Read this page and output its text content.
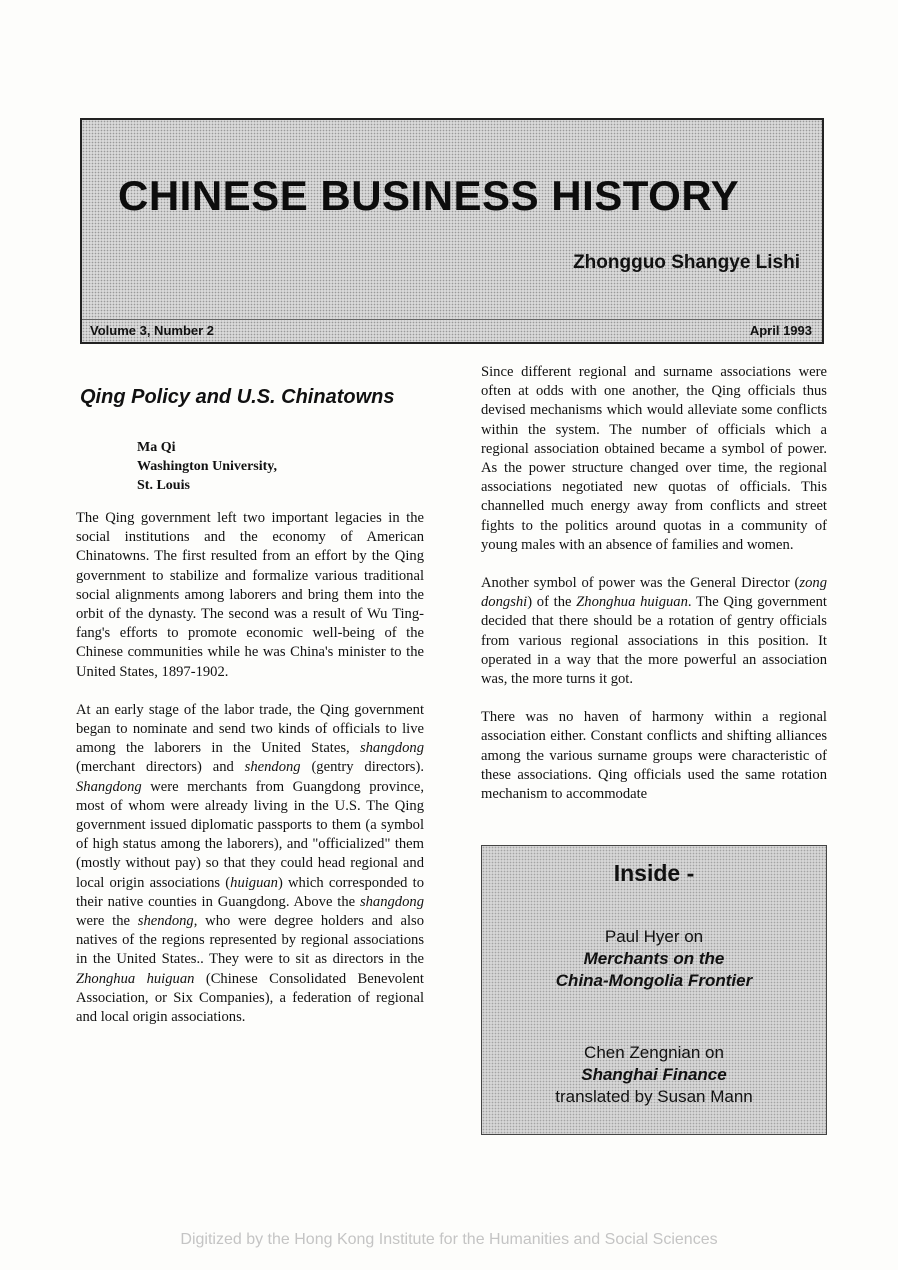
CHINESE BUSINESS HISTORY
Zhongguo Shangye Lishi
Volume 3, Number 2	April 1993
Qing Policy and U.S. Chinatowns
Ma Qi
Washington University,
St. Louis

The Qing government left two important legacies in the social institutions and the economy of American Chinatowns. The first resulted from an effort by the Qing government to stabilize and formalize various traditional social alignments among laborers and bring them into the orbit of the dynasty. The second was a result of Wu Ting-fang's efforts to promote economic well-being of the Chinese communities while he was China's minister to the United States, 1897-1902.

At an early stage of the labor trade, the Qing government began to nominate and send two kinds of officials to live among the laborers in the United States, shangdong (merchant directors) and shendong (gentry directors). Shangdong were merchants from Guangdong province, most of whom were already living in the U.S. The Qing government issued diplomatic passports to them (a symbol of high status among the laborers), and "officialized" them (mostly without pay) so that they could head regional and local origin associations (huiguan) which corresponded to their native counties in Guangdong. Above the shangdong were the shendong, who were degree holders and also natives of the regions represented by regional associations in the United States.. They were to sit as directors in the Zhonghua huiguan (Chinese Consolidated Benevolent Association, or Six Companies), a federation of regional and local origin associations.

Since different regional and surname associations were often at odds with one another, the Qing officials thus devised mechanisms which would alleviate some conflicts within the system. The number of officials which a regional association obtained became a symbol of power. As the power structure changed over time, the regional associations negotiated new quotas of officials. This channelled much energy away from conflicts and street fights to the politics around quotas in a community of young males with an absence of families and women.

Another symbol of power was the General Director (zong dongshi) of the Zhonghua huiguan. The Qing government decided that there should be a rotation of gentry officials from various regional associations in this position. It operated in a way that the more powerful an association was, the more turns it got.

There was no haven of harmony within a regional association either. Constant conflicts and shifting alliances among the various surname groups were characteristic of these associations. Qing officials used the same rotation mechanism to accommodate

Inside -
Paul Hyer on
Merchants on the
China-Mongolia Frontier
Chen Zengnian on
Shanghai Finance
translated by Susan Mann
Digitized by the Hong Kong Institute for the Humanities and Social Sciences
